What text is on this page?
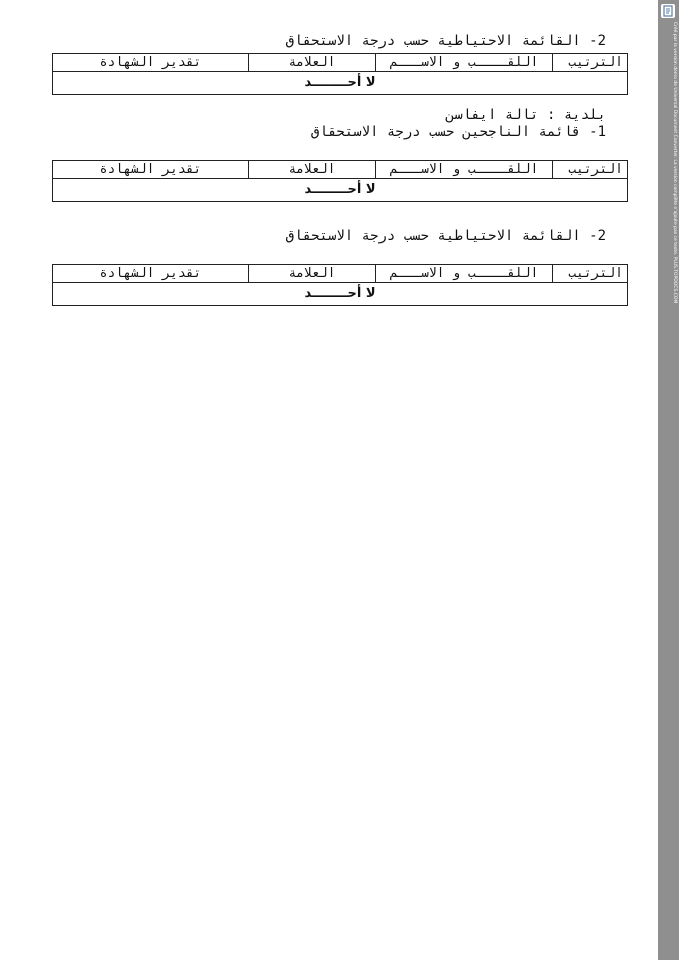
2- القائمة الاحتياطية حسب درجة الاستحقاق
الترتيب	اللقــــب و الاســـم	العلامة	تقدير الشهادة
لا أحــــــــد
بلدية : تالة ايفاسن
1- قائمة الناجحين حسب درجة الاستحقاق
الترتيب	اللقــــب و الاســـم	العلامة	تقدير الشهادة
لا أحــــــــد
2- القائمة الاحتياطية حسب درجة الاستحقاق
الترتيب	اللقــــب و الاســـم	العلامة	تقدير الشهادة
لا أحــــــــد	Créé par la version demo de Universal Document Converter. La version complète n'ajoute pas ce texte. PLUS.TOPDOCS.COM
